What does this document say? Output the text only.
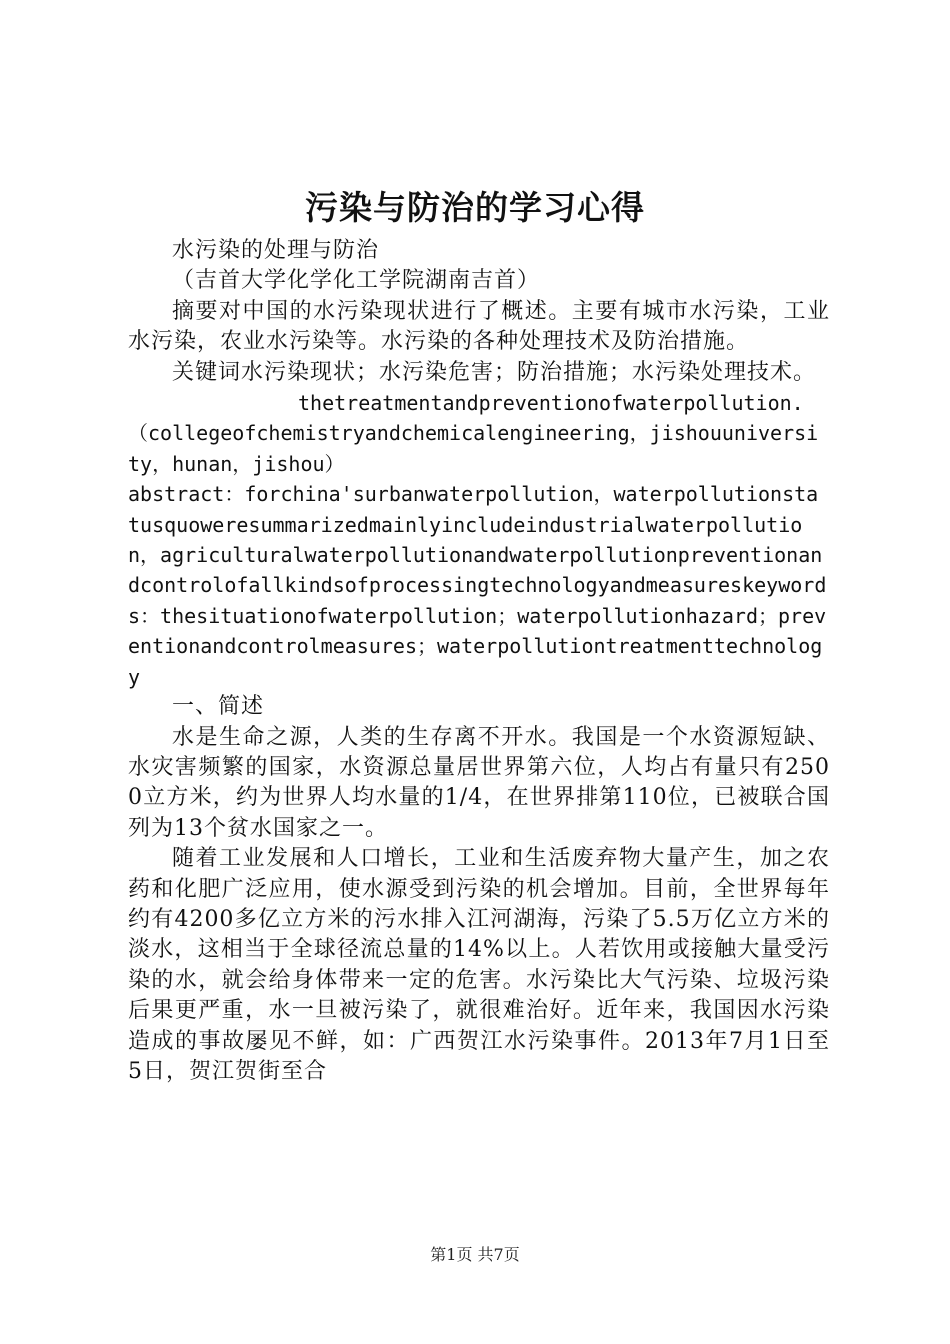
污染与防治的学习心得

水污染的处理与防治

（吉首大学化学化工学院湖南吉首）

摘要对中国的水污染现状进行了概述。主要有城市水污染，工业水污染，农业水污染等。水污染的各种处理技术及防治措施。

关键词水污染现状；水污染危害；防治措施；水污染处理技术。

thetreatmentandpreventionofwaterpollution.

（collegeofchemistryandchemicalengineering，jishouuniversity，hunan，jishou）

abstract：forchina'surbanwaterpollution，waterpollutionstatusquoweresummarizedmainlyincludeindustrialwaterpollution，agriculturalwaterpollutionandwaterpollutionpreventionandcontrolofallkindsofprocessingtechnologyandmeasureskeywords：thesituationofwaterpollution；waterpollutionhazard；preventionandcontrolmeasures；waterpollutiontreatmenttechnology

一、简述

水是生命之源，人类的生存离不开水。我国是一个水资源短缺、水灾害频繁的国家，水资源总量居世界第六位，人均占有量只有2500立方米，约为世界人均水量的1/4，在世界排第110位，已被联合国列为13个贫水国家之一。

随着工业发展和人口增长，工业和生活废弃物大量产生，加之农药和化肥广泛应用，使水源受到污染的机会增加。目前，全世界每年约有4200多亿立方米的污水排入江河湖海，污染了5.5万亿立方米的淡水，这相当于全球径流总量的14%以上。人若饮用或接触大量受污染的水，就会给身体带来一定的危害。水污染比大气污染、垃圾污染后果更严重，水一旦被污染了，就很难治好。近年来，我国因水污染造成的事故屡见不鲜，如：广西贺江水污染事件。2013年7月1日至5日，贺江贺街至合

第1页 共7页
